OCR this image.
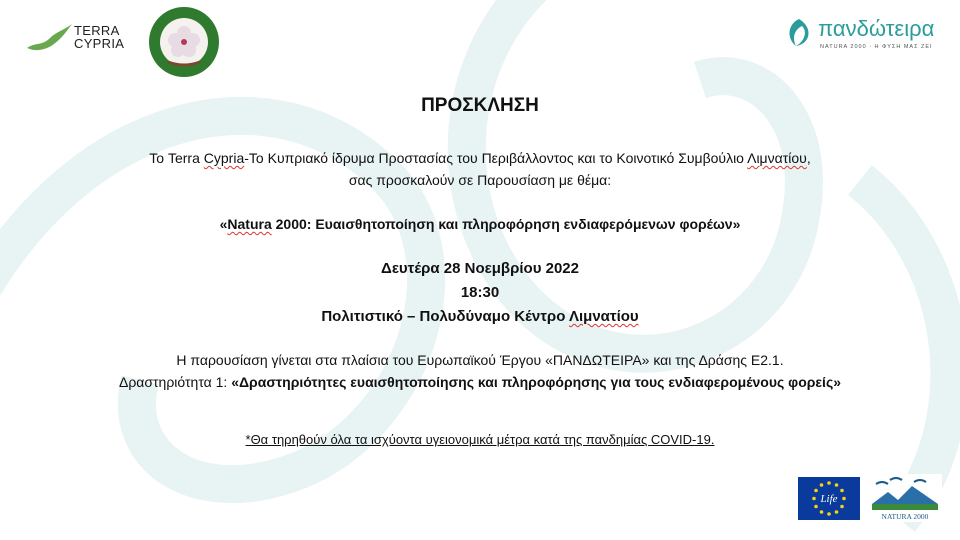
TERRA
CYPRIA
πανδώτειρα
NATURA 2000 · Η ΦΥΣΗ ΜΑΣ ΖΕΙ
ΠΡΟΣΚΛΗΣΗ
Το Terra Cypria-Το Κυπριακό ίδρυμα Προστασίας του Περιβάλλοντος και το Κοινοτικό Συμβούλιο Λιμνατίου,
σας προσκαλούν σε Παρουσίαση με θέμα:
«Natura 2000: Ευαισθητοποίηση και πληροφόρηση ενδιαφερόμενων φορέων»
Δευτέρα 28 Νοεμβρίου 2022
18:30
Πολιτιστικό – Πολυδύναμο Κέντρο Λιμνατίου
Η παρουσίαση γίνεται στα πλαίσια του Ευρωπαϊκού Έργου «ΠΑΝΔΩΤΕΙΡΑ» και της Δράσης Ε2.1.
Δραστηριότητα 1: «Δραστηριότητες ευαισθητοποίησης και πληροφόρησης για τους ενδιαφερομένους φορείς»
*Θα τηρηθούν όλα τα ισχύοντα υγειονομικά μέτρα κατά της πανδημίας COVID-19.
Life
NATURA 2000
